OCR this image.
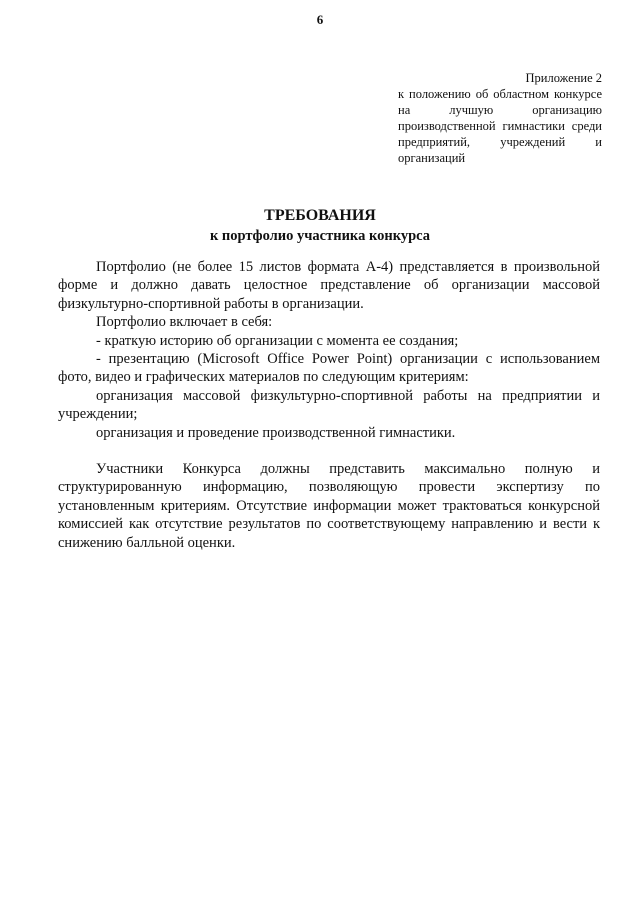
6
Приложение 2
к положению об областном конкурсе на лучшую организацию производственной гимнастики среди предприятий, учреждений и организаций
ТРЕБОВАНИЯ
к портфолио участника конкурса

Портфолио (не более 15 листов формата А-4) представляется в произвольной форме и должно давать целостное представление об организации массовой физкультурно-спортивной работы в организации.

Портфолио включает в себя:

- краткую историю об организации с момента ее создания;

- презентацию (Microsoft Office Power Point) организации с использованием фото, видео и графических материалов по следующим критериям:

организация массовой физкультурно-спортивной работы на предприятии и учреждении;

организация и проведение производственной гимнастики.

Участники Конкурса должны представить максимально полную и структурированную информацию, позволяющую провести экспертизу по установленным критериям. Отсутствие информации может трактоваться конкурсной комиссией как отсутствие результатов по соответствующему направлению и вести к снижению балльной оценки.
